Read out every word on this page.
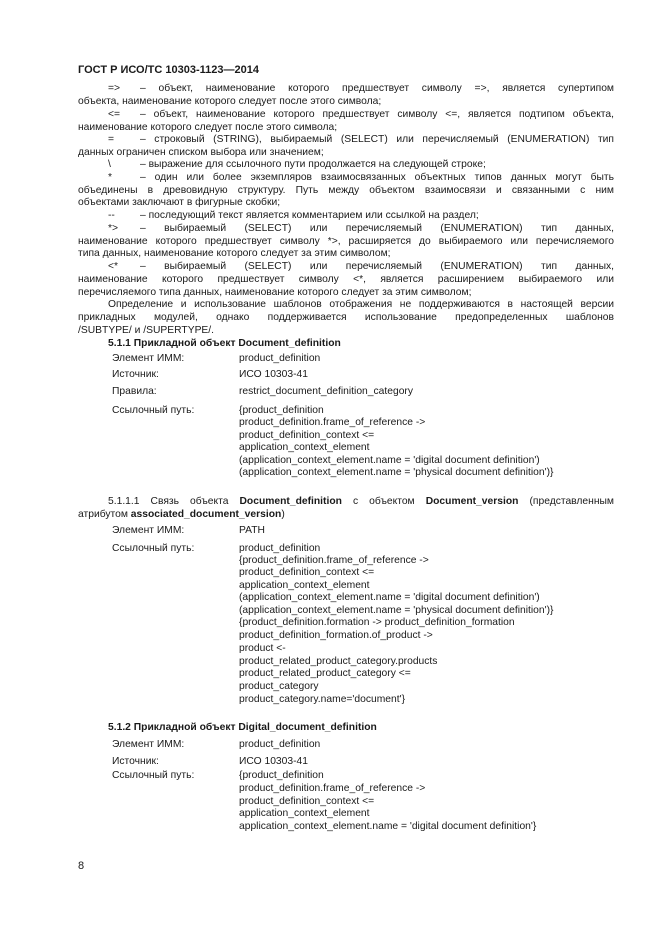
ГОСТ Р ИСО/ТС 10303-1123—2014
=> – объект, наименование которого предшествует символу =>, является супертипом
объекта, наименование которого следует после этого символа;
<= – объект, наименование которого предшествует символу <=, является подтипом объекта,
наименование которого следует после этого символа;
=	– строковый (STRING), выбираемый (SELECT) или перечисляемый (ENUMERATION) тип
данных ограничен списком выбора или значением;
\	– выражение для ссылочного пути продолжается на следующей строке;
*	– один или более экземпляров взаимосвязанных объектных типов данных могут быть
объединены в древовидную структуру. Путь между объектом взаимосвязи и связанными с ним
объектами заключают в фигурные скобки;
-- – последующий текст является комментарием или ссылкой на раздел;
*> – выбираемый (SELECT) или перечисляемый (ENUMERATION) тип данных,
наименование которого предшествует символу *>, расширяется до выбираемого или перечисляемого
типа данных, наименование которого следует за этим символом;
<* – выбираемый (SELECT) или перечисляемый (ENUMERATION) тип данных,
наименование которого предшествует символу <*, является расширением выбираемого или
перечисляемого типа данных, наименование которого следует за этим символом;
Определение и использование шаблонов отображения не поддерживаются в настоящей версии
прикладных модулей, однако поддерживается использование предопределенных шаблонов
/SUBTYPE/ и /SUPERTYPE/.
5.1.1 Прикладной объект Document_definition
Элемент ИММ:	product_definition
Источник:	ИСО 10303-41
Правила:	restrict_document_definition_category
Ссылочный путь:	{product_definition
product_definition.frame_of_reference ->
product_definition_context <=
application_context_element
(application_context_element.name = 'digital document definition')
(application_context_element.name = 'physical document definition')}
5.1.1.1 Связь объекта Document_definition с объектом Document_version (представленным
атрибутом associated_document_version)
Элемент ИММ:	PATH
Ссылочный путь:	product_definition
{product_definition.frame_of_reference ->
product_definition_context <=
application_context_element
(application_context_element.name = 'digital document definition')
(application_context_element.name = 'physical document definition')}
{product_definition.formation -> product_definition_formation
product_definition_formation.of_product ->
product <-
product_related_product_category.products
product_related_product_category <=
product_category
product_category.name='document'}
5.1.2 Прикладной объект Digital_document_definition
Элемент ИММ:	product_definition
Источник:	ИСО 10303-41
Ссылочный путь:	{product_definition
product_definition.frame_of_reference ->
product_definition_context <=
application_context_element
application_context_element.name = 'digital document definition'}
8
